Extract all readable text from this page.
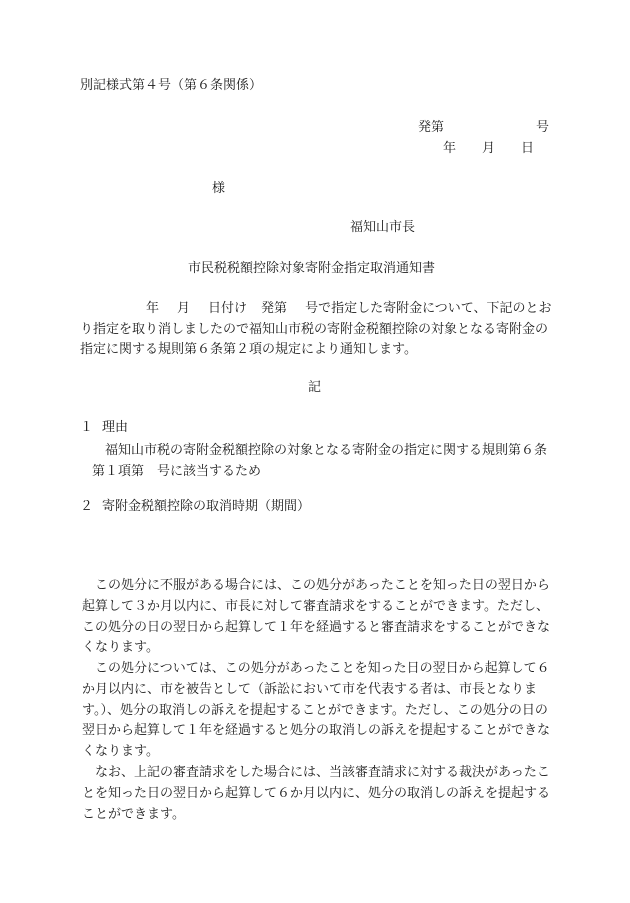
別記様式第４号（第６条関係）
発第	号
年 月 日
様
福知山市長
市民税税額控除対象寄附金指定取消通知書
年 月 日付け 発第 号で指定した寄附金について、下記のとおり指定を取り消しましたので福知山市税の寄附金税額控除の対象となる寄附金の指定に関する規則第６条第２項の規定により通知します。
記
１ 理由
福知山市税の寄附金税額控除の対象となる寄附金の指定に関する規則第６条第１項第　号に該当するため
２ 寄附金税額控除の取消時期（期間）
この処分に不服がある場合には、この処分があったことを知った日の翌日から起算して３か月以内に、市長に対して審査請求をすることができます。ただし、この処分の日の翌日から起算して１年を経過すると審査請求をすることができなくなります。
この処分については、この処分があったことを知った日の翌日から起算して６か月以内に、市を被告として（訴訟において市を代表する者は、市長となります。）、処分の取消しの訴えを提起することができます。ただし、この処分の日の翌日から起算して１年を経過すると処分の取消しの訴えを提起することができなくなります。
なお、上記の審査請求をした場合には、当該審査請求に対する裁決があったことを知った日の翌日から起算して６か月以内に、処分の取消しの訴えを提起することができます。
